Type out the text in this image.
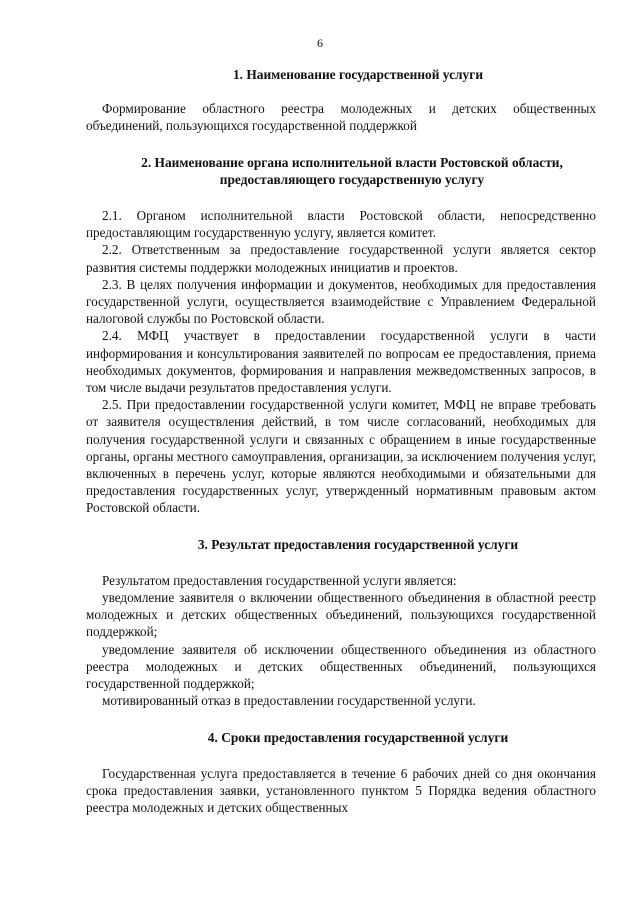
6
1. Наименование государственной услуги

Формирование областного реестра молодежных и детских общественных объединений, пользующихся государственной поддержкой

2. Наименование органа исполнительной власти Ростовской области, предоставляющего государственную услугу

2.1. Органом исполнительной власти Ростовской области, непосредственно предоставляющим государственную услугу, является комитет.

2.2. Ответственным за предоставление государственной услуги является сектор развития системы поддержки молодежных инициатив и проектов.

2.3. В целях получения информации и документов, необходимых для предоставления государственной услуги, осуществляется взаимодействие с Управлением Федеральной налоговой службы по Ростовской области.

2.4. МФЦ участвует в предоставлении государственной услуги в части информирования и консультирования заявителей по вопросам ее предоставления, приема необходимых документов, формирования и направления межведомственных запросов, в том числе выдачи результатов предоставления услуги.

2.5. При предоставлении государственной услуги комитет, МФЦ не вправе требовать от заявителя осуществления действий, в том числе согласований, необходимых для получения государственной услуги и связанных с обращением в иные государственные органы, органы местного самоуправления, организации, за исключением получения услуг, включенных в перечень услуг, которые являются необходимыми и обязательными для предоставления государственных услуг, утвержденный нормативным правовым актом Ростовской области.

3. Результат предоставления государственной услуги

Результатом предоставления государственной услуги является:

уведомление заявителя о включении общественного объединения в областной реестр молодежных и детских общественных объединений, пользующихся государственной поддержкой;

уведомление заявителя об исключении общественного объединения из областного реестра молодежных и детских общественных объединений, пользующихся государственной поддержкой;

мотивированный отказ в предоставлении государственной услуги.

4. Сроки предоставления государственной услуги

Государственная услуга предоставляется в течение 6 рабочих дней со дня окончания срока предоставления заявки, установленного пунктом 5 Порядка ведения областного реестра молодежных и детских общественных
